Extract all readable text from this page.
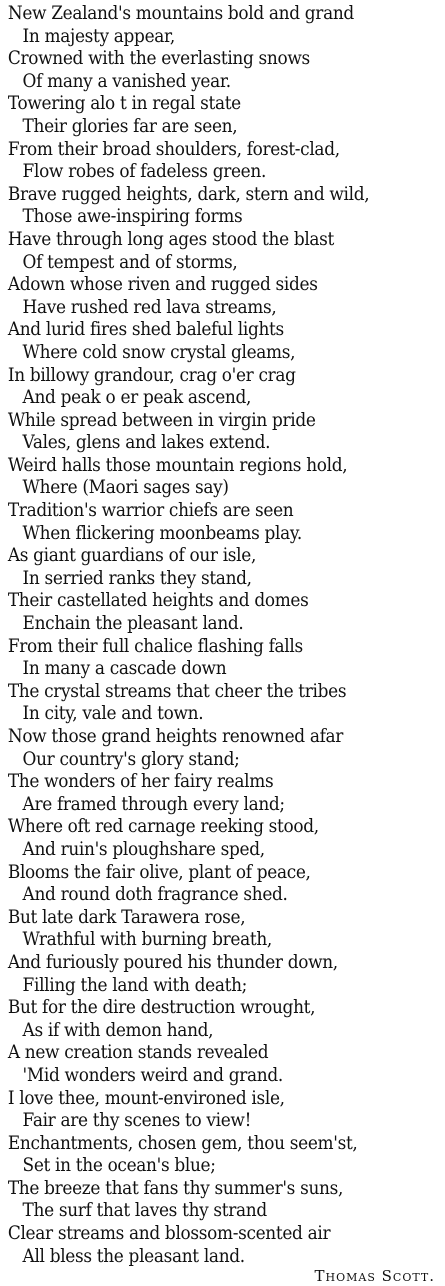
New Zealand's mountains bold and grand
In majesty appear,
Crowned with the everlasting snows
Of many a vanished year.
Towering alo t in regal state
Their glories far are seen,
From their broad shoulders, forest-clad,
Flow robes of fadeless green.
Brave rugged heights, dark, stern and wild,
Those awe-inspiring forms
Have through long ages stood the blast
Of tempest and of storms,
Adown whose riven and rugged sides
Have rushed red lava streams,
And lurid fires shed baleful lights
Where cold snow crystal gleams,
In billowy grandour, crag o'er crag
And peak o er peak ascend,
While spread between in virgin pride
Vales, glens and lakes extend.
Weird halls those mountain regions hold,
Where (Maori sages say)
Tradition's warrior chiefs are seen
When flickering moonbeams play.
As giant guardians of our isle,
In serried ranks they stand,
Their castellated heights and domes
Enchain the pleasant land.
From their full chalice flashing falls
In many a cascade down
The crystal streams that cheer the tribes
In city, vale and town.
Now those grand heights renowned afar
Our country's glory stand;
The wonders of her fairy realms
Are framed through every land;
Where oft red carnage reeking stood,
And ruin's ploughshare sped,
Blooms the fair olive, plant of peace,
And round doth fragrance shed.
But late dark Tarawera rose,
Wrathful with burning breath,
And furiously poured his thunder down,
Filling the land with death;
But for the dire destruction wrought,
As if with demon hand,
A new creation stands revealed
'Mid wonders weird and grand.
I love thee, mount-environed isle,
Fair are thy scenes to view!
Enchantments, chosen gem, thou seem'st,
Set in the ocean's blue;
The breeze that fans thy summer's suns,
The surf that laves thy strand
Clear streams and blossom-scented air
All bless the pleasant land.
Thomas Scott.
